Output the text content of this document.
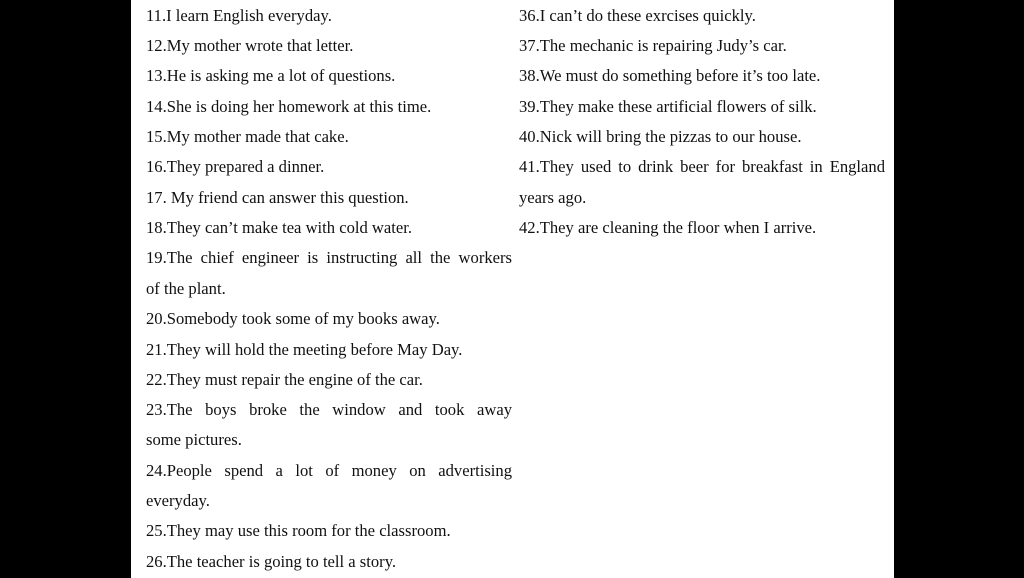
11.I learn English everyday.
12.My mother wrote that letter.
13.He is asking me a lot of questions.
14.She is doing her homework at this time.
15.My mother made that cake.
16.They prepared a dinner.
17. My friend can answer this question.
18.They can’t make tea with cold water.
19.The chief engineer is instructing all the workers
of the plant.
20.Somebody took some of my books away.
21.They will hold the meeting before May Day.
22.They must repair the engine of the car.
23.The boys broke the window and took away
some pictures.
24.People spend a lot of money on advertising
everyday.
25.They may use this room for the classroom.
26.The teacher is going to tell a story.
36.I can’t do these exrcises quickly.
37.The mechanic is repairing Judy’s car.
38.We must do something before it’s too late.
39.They make these artificial flowers of silk.
40.Nick will bring the pizzas to our house.
41.They used to drink beer for breakfast in England
years ago.
42.They are cleaning the floor when I arrive.
